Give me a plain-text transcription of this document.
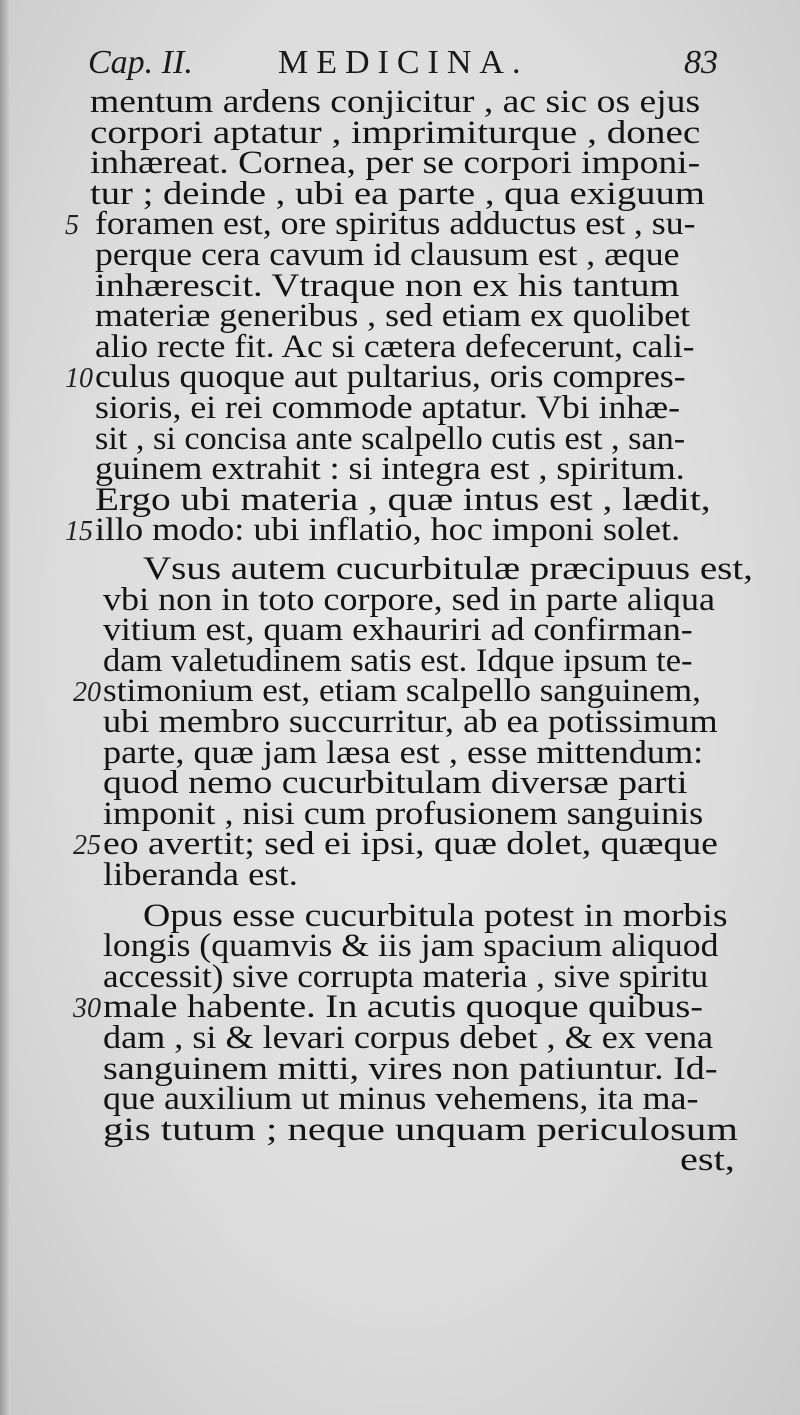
Cap. II.	MEDICINA.	83
mentum ardens conjicitur , ac sic os ejus
corpori aptatur , imprimiturque , donec
inhæreat. Cornea, per se corpori imponi-
tur ; deinde , ubi ea parte , qua exiguum
foramen est, ore spiritus adductus est , su-
perque cera cavum id clausum est , æque
inhærescit. Vtraque non ex his tantum
materiæ generibus , sed etiam ex quolibet
alio recte fit. Ac si cætera defecerunt, cali-
culus quoque aut pultarius, oris compres-
sioris, ei rei commode aptatur. Vbi inhæ-
sit , si concisa ante scalpello cutis est , san-
guinem extrahit : si integra est , spiritum.
Ergo ubi materia , quæ intus est , lædit,
illo modo: ubi inflatio, hoc imponi solet.
Vsus autem cucurbitulæ præcipuus est,
vbi non in toto corpore, sed in parte aliqua
vitium est, quam exhauriri ad confirman-
dam valetudinem satis est. Idque ipsum te-
stimonium est, etiam scalpello sanguinem,
ubi membro succurritur, ab ea potissimum
parte, quæ jam læsa est , esse mittendum:
quod nemo cucurbitulam diversæ parti
imponit , nisi cum profusionem sanguinis
eo avertit; sed ei ipsi, quæ dolet, quæque
liberanda est.
Opus esse cucurbitula potest in morbis
longis (quamvis & iis jam spacium aliquod
accessit) sive corrupta materia , sive spiritu
male habente. In acutis quoque quibus-
dam , si & levari corpus debet , & ex vena
sanguinem mitti, vires non patiuntur. Id-
que auxilium ut minus vehemens, ita ma-
gis tutum ; neque unquam periculosum
est,
5
10
15
20
25
30
